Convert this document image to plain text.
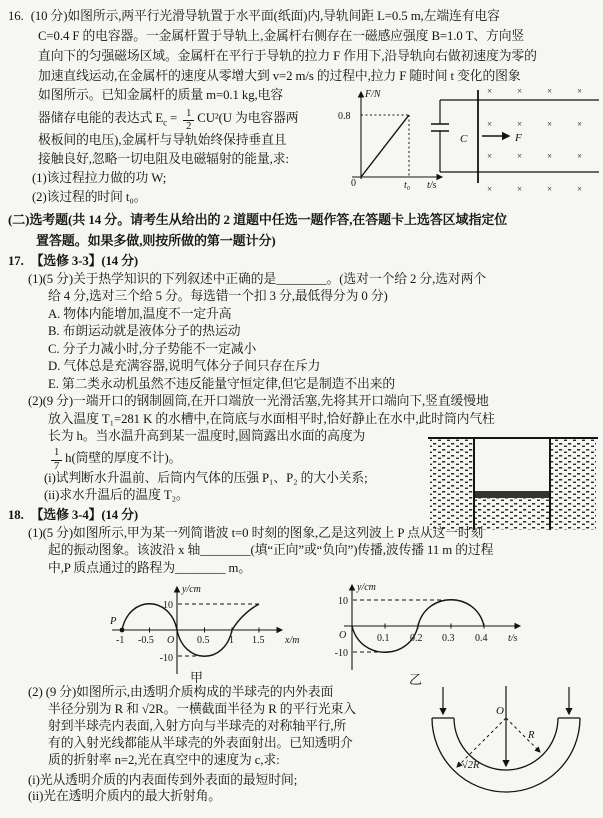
16. (10 分)如图所示,两平行光滑导轨置于水平面(纸面)内,导轨间距 L=0.5 m,左端连有电容
C=0.4 F 的电容器。一金属杆置于导轨上,金属杆右侧存在一磁感应强度 B=1.0 T、方向竖
直向下的匀强磁场区域。金属杆在平行于导轨的拉力 F 作用下,沿导轨向右做初速度为零的
加速直线运动,在金属杆的速度从零增大到 v=2 m/s 的过程中,拉力 F 随时间 t 变化的图象
如图所示。已知金属杆的质量 m=0.1 kg,电容
器储存电能的表达式 $E_c = \frac{1}{2} CU^2(U$ 为电容器两
极板间的电压),金属杆与导轨始终保持垂直且
接触良好,忽略一切电阻及电磁辐射的能量,求:
(1)该过程拉力做的功 W;
(2)该过程的时间 t₀。
F/N
0.8
0	t₀ t/s
C	F
×	×	×	×
×	×	×	×
×	×	×	×
×	×	×	×
(二)选考题(共 14 分。请考生从给出的 2 道题中任选一题作答,在答题卡上选答区域指定位
置答题。如果多做,则按所做的第一题计分)
17. 【选修 3-3】(14 分)
(1)(5 分)关于热学知识的下列叙述中正确的是________。(选对一个给 2 分,选对两个
给 4 分,选对三个给 5 分。每选错一个扣 3 分,最低得分为 0 分)
A. 物体内能增加,温度不一定升高
B. 布朗运动就是液体分子的热运动
C. 分子力减小时,分子势能不一定减小
D. 气体总是充满容器,说明气体分子间只存在斥力
E. 第二类永动机虽然不违反能量守恒定律,但它是制造不出来的
(2)(9 分)一端开口的钢制圆筒,在开口端放一光滑活塞,先将其开口端向下,竖直缓慢地
放入温度 T₁=281 K 的水槽中,在筒底与水面相平时,恰好静止在水中,此时筒内气柱
长为 h。当水温升高到某一温度时,圆筒露出水面的高度为
$\frac{1}{7} h$(筒壁的厚度不计)。
(i)试判断水升温前、后筒内气体的压强 P₁、P₂ 的大小关系;
(ii)求水升温后的温度 T₂。
18. 【选修 3-4】(14 分)
(1)(5 分)如图所示,甲为某一列简谐波 t=0 时刻的图象,乙是这列波上 P 点从这一时刻
起的振动图象。该波沿 x 轴________(填“正向”或“负向”)传播,波传播 11 m 的过程
中,P 质点通过的路程为________ m。
P
y/cm
10
-10
-1 -0.5 O 0.5 1 1.5 x/m
甲
y/cm
10
-10
O	0.1 0.2 0.3 0.4 t/s
乙
(2) (9 分)如图所示,由透明介质构成的半球壳的内外表面
半径分别为 R 和 √2R。一横截面半径为 R 的平行光束入
射到半球壳内表面,入射方向与半球壳的对称轴平行,所
有的入射光线都能从半球壳的外表面射出。已知透明介
质的折射率 n=2,光在真空中的速度为 c,求:
(i)光从透明介质的内表面传到外表面的最短时间;
(ii)光在透明介质内的最大折射角。
O
R
√2R
